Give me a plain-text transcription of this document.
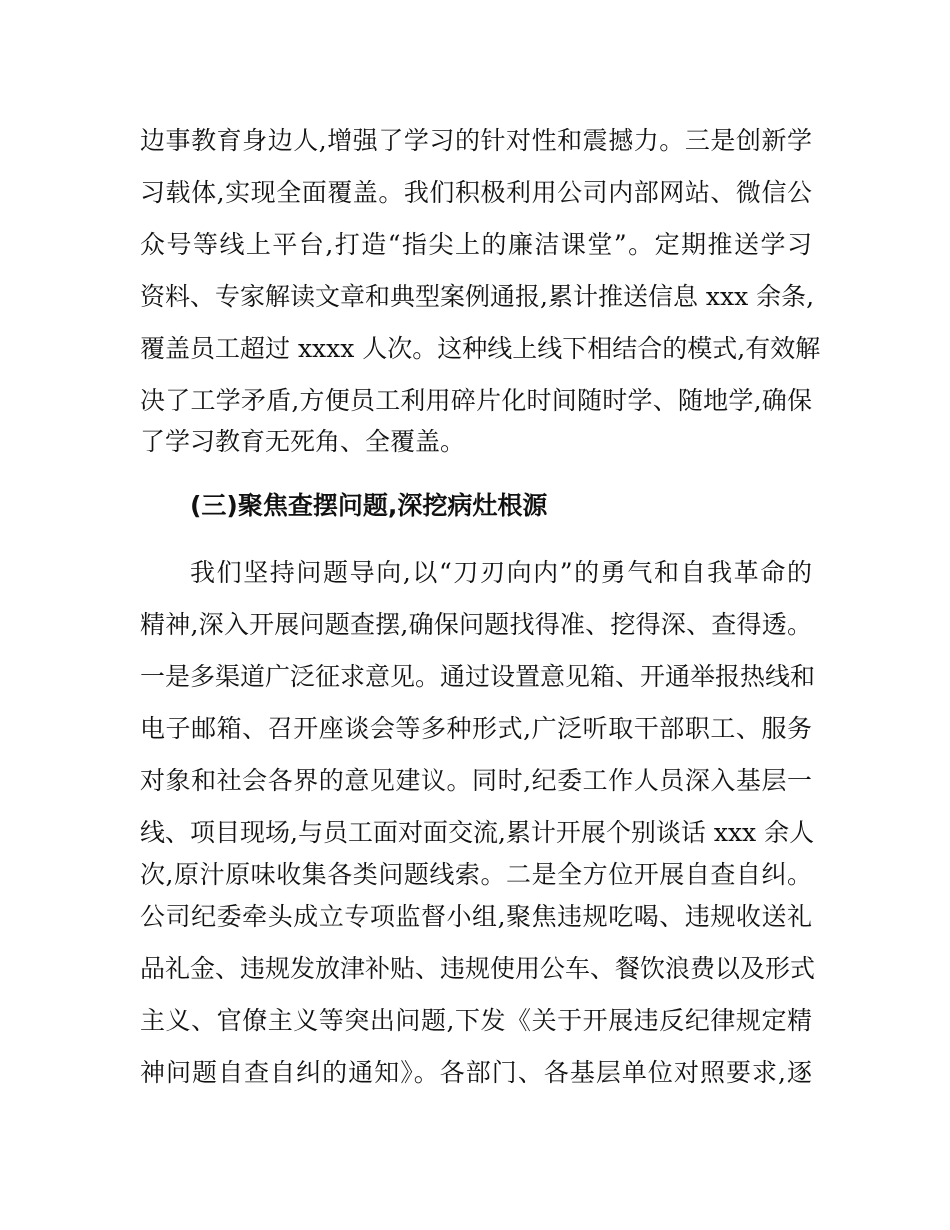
边事教育身边人,增强了学习的针对性和震撼力。三是创新学
习载体,实现全面覆盖。我们积极利用公司内部网站、微信公
众号等线上平台,打造“指尖上的廉洁课堂”。定期推送学习
资料、专家解读文章和典型案例通报,累计推送信息 xxx 余条,
覆盖员工超过 xxxx 人次。这种线上线下相结合的模式,有效解
决了工学矛盾,方便员工利用碎片化时间随时学、随地学,确保
了学习教育无死角、全覆盖。
(三)聚焦查摆问题,深挖病灶根源
我们坚持问题导向,以“刀刃向内”的勇气和自我革命的
精神,深入开展问题查摆,确保问题找得准、挖得深、查得透。
一是多渠道广泛征求意见。通过设置意见箱、开通举报热线和
电子邮箱、召开座谈会等多种形式,广泛听取干部职工、服务
对象和社会各界的意见建议。同时,纪委工作人员深入基层一
线、项目现场,与员工面对面交流,累计开展个别谈话 xxx 余人
次,原汁原味收集各类问题线索。二是全方位开展自查自纠。
公司纪委牵头成立专项监督小组,聚焦违规吃喝、违规收送礼
品礼金、违规发放津补贴、违规使用公车、餐饮浪费以及形式
主义、官僚主义等突出问题,下发《关于开展违反纪律规定精
神问题自查自纠的通知》。各部门、各基层单位对照要求,逐
